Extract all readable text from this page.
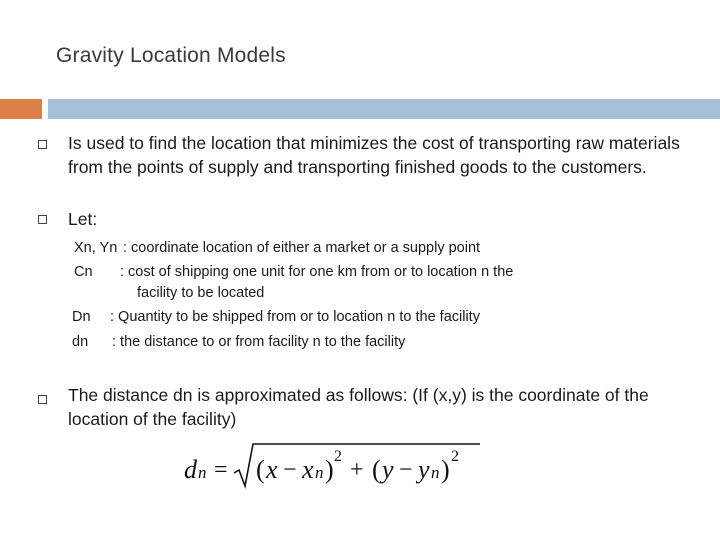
Gravity Location Models
Is used to find the location that minimizes the cost of transporting raw materials from the points of supply and transporting finished goods to the customers.
Let:
Xn, Yn : coordinate location of either a market or a supply point
Cn : cost of shipping one unit for one km from or to location n the
facility to be located
Dn : Quantity to be shipped from or to location n to the facility
dn : the distance to or from facility n to the facility
The distance dn is approximated as follows: (If (x,y) is the coordinate of the location of the facility)
d n = ( x − x n ) 2
+ ( y − y n ) 2
